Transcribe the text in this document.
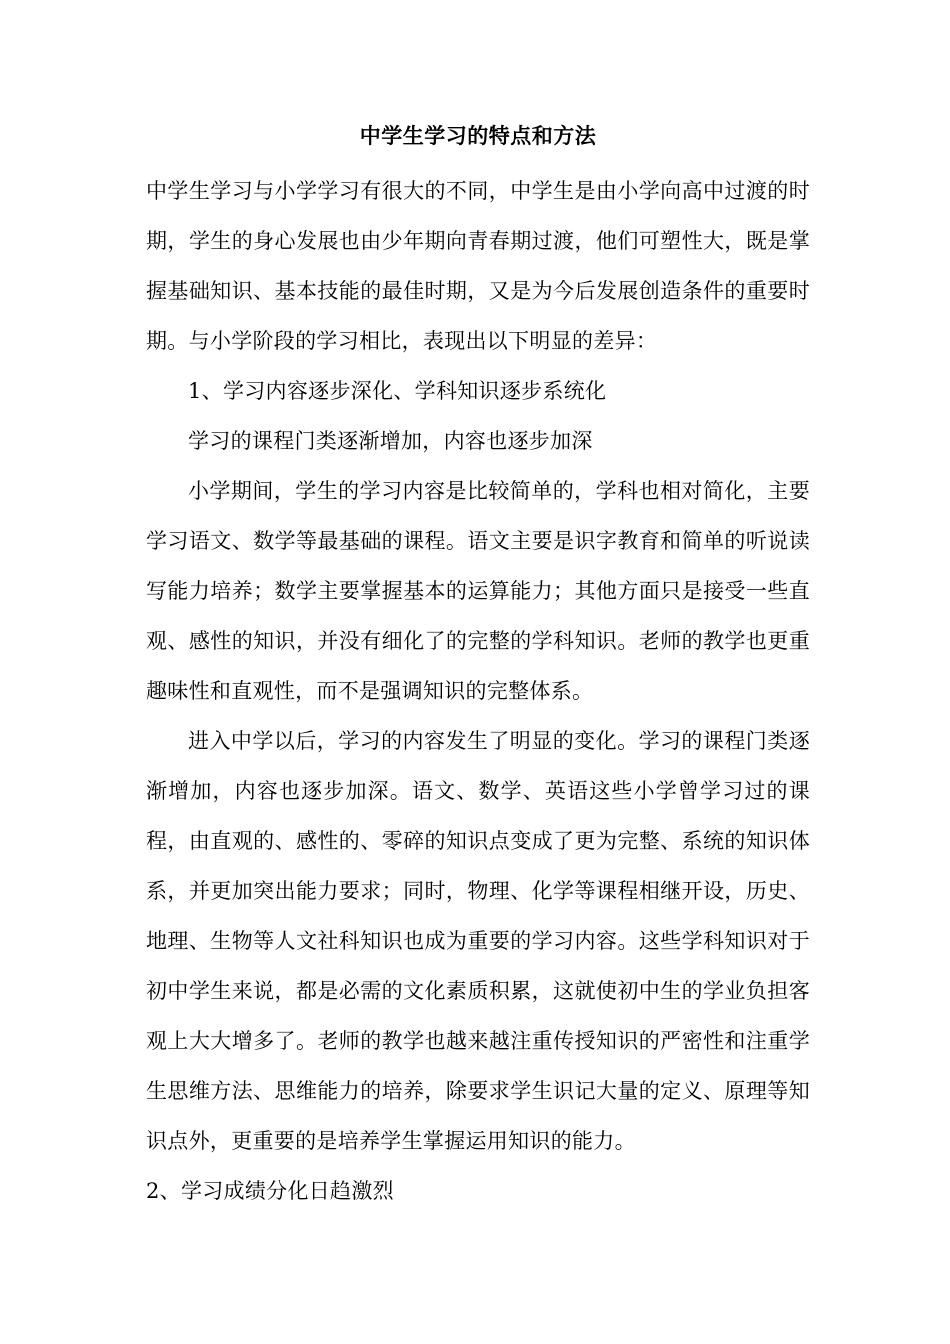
中学生学习的特点和方法

中学生学习与小学学习有很大的不同，中学生是由小学向高中过渡的时期，学生的身心发展也由少年期向青春期过渡，他们可塑性大，既是掌握基础知识、基本技能的最佳时期，又是为今后发展创造条件的重要时期。与小学阶段的学习相比，表现出以下明显的差异：

1、学习内容逐步深化、学科知识逐步系统化

学习的课程门类逐渐增加，内容也逐步加深

小学期间，学生的学习内容是比较简单的，学科也相对简化，主要学习语文、数学等最基础的课程。语文主要是识字教育和简单的听说读写能力培养；数学主要掌握基本的运算能力；其他方面只是接受一些直观、感性的知识，并没有细化了的完整的学科知识。老师的教学也更重趣味性和直观性，而不是强调知识的完整体系。

进入中学以后，学习的内容发生了明显的变化。学习的课程门类逐渐增加，内容也逐步加深。语文、数学、英语这些小学曾学习过的课程，由直观的、感性的、零碎的知识点变成了更为完整、系统的知识体系，并更加突出能力要求；同时，物理、化学等课程相继开设，历史、地理、生物等人文社科知识也成为重要的学习内容。这些学科知识对于初中学生来说，都是必需的文化素质积累，这就使初中生的学业负担客观上大大增多了。老师的教学也越来越注重传授知识的严密性和注重学生思维方法、思维能力的培养，除要求学生识记大量的定义、原理等知识点外，更重要的是培养学生掌握运用知识的能力。

2、学习成绩分化日趋激烈
